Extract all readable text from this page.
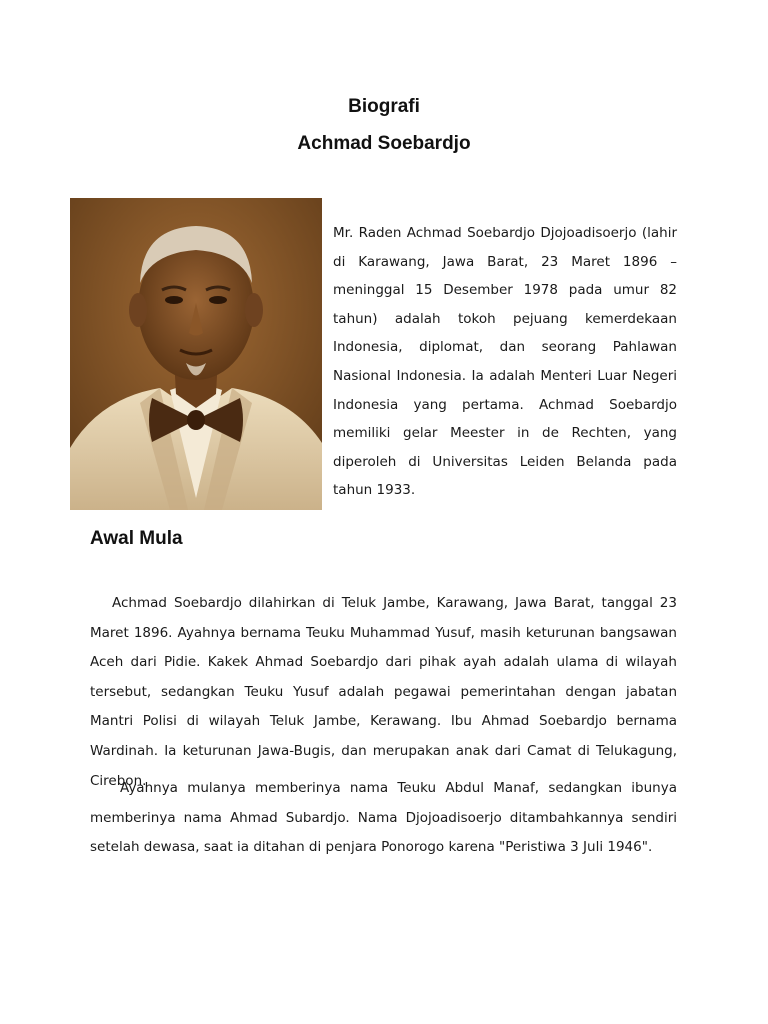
Biografi
Achmad Soebardjo
Mr. Raden Achmad Soebardjo Djojoadisoerjo (lahir di Karawang, Jawa Barat, 23 Maret 1896 – meninggal 15 Desember 1978 pada umur 82 tahun) adalah tokoh pejuang kemerdekaan Indonesia, diplomat, dan seorang Pahlawan Nasional Indonesia. Ia adalah Menteri Luar Negeri Indonesia yang pertama. Achmad Soebardjo memiliki gelar Meester in de Rechten, yang diperoleh di Universitas Leiden Belanda pada tahun 1933.
Awal Mula
Achmad Soebardjo dilahirkan di Teluk Jambe, Karawang, Jawa Barat, tanggal 23 Maret 1896. Ayahnya bernama Teuku Muhammad Yusuf, masih keturunan bangsawan Aceh dari Pidie. Kakek Ahmad Soebardjo dari pihak ayah adalah ulama di wilayah tersebut, sedangkan Teuku Yusuf adalah pegawai pemerintahan dengan jabatan Mantri Polisi di wilayah Teluk Jambe, Kerawang. Ibu Ahmad Soebardjo bernama Wardinah. Ia keturunan Jawa-Bugis, dan merupakan anak dari Camat di Telukagung, Cirebon.
Ayahnya mulanya memberinya nama Teuku Abdul Manaf, sedangkan ibunya memberinya nama Ahmad Subardjo. Nama Djojoadisoerjo ditambahkannya sendiri setelah dewasa, saat ia ditahan di penjara Ponorogo karena "Peristiwa 3 Juli 1946".
